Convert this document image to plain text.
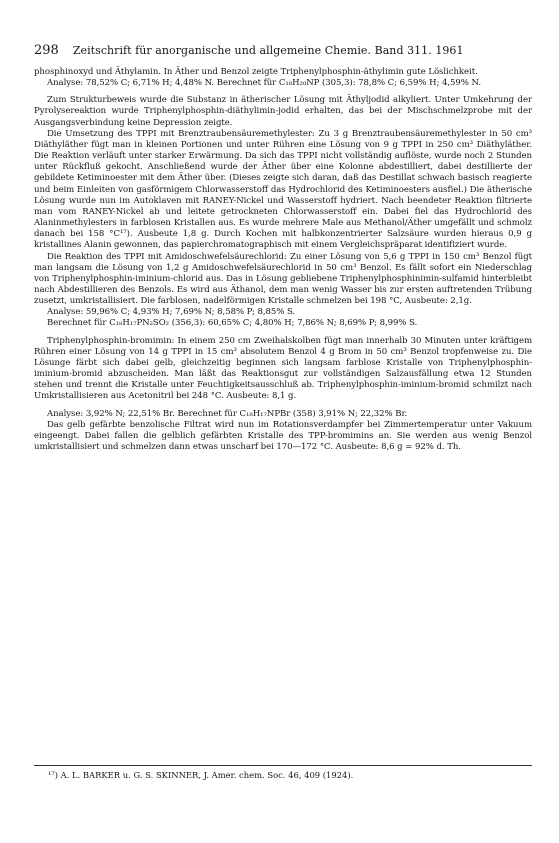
298 Zeitschrift für anorganische und allgemeine Chemie. Band 311. 1961

phosphinoxyd und Äthylamin. In Äther und Benzol zeigte Triphenylphosphin-äthylimin gute Löslichkeit.

Analyse: 78,52% C; 6,71% H; 4,48% N. Berechnet für C₁₈H₂₀NP (305,3): 78,8% C; 6,59% H; 4,59% N.

Zum Strukturbeweis wurde die Substanz in ätherischer Lösung mit Äthyljodid alkyliert. Unter Umkehrung der Pyrolysereaktion wurde Triphenylphosphin-diäthylimin-jodid erhalten, das bei der Mischschmelzprobe mit der Ausgangsverbindung keine Depression zeigte.

Die Umsetzung des TPPI mit Brenztraubensäuremethylester: Zu 3 g Brenztraubensäuremethylester in 50 cm³ Diäthyläther fügt man in kleinen Portionen und unter Rühren eine Lösung von 9 g TPPI in 250 cm³ Diäthyläther. Die Reaktion verläuft unter starker Erwärmung. Da sich das TPPI nicht vollständig auflöste, wurde noch 2 Stunden unter Rückfluß gekocht. Anschließend wurde der Äther über eine Kolonne abdestilliert, dabei destillierte der gebildete Ketiminoester mit dem Äther über. (Dieses zeigte sich daran, daß das Destillat schwach basisch reagierte und beim Einleiten von gasförmigem Chlorwasserstoff das Hydrochlorid des Ketiminoesters ausfiel.) Die ätherische Lösung wurde nun im Autoklaven mit RANEY-Nickel und Wasserstoff hydriert. Nach beendeter Reaktion filtrierte man vom RANEY-Nickel ab und leitete getrockneten Chlorwasserstoff ein. Dabei fiel das Hydrochlorid des Alaninmethylesters in farblosen Kristallen aus. Es wurde mehrere Male aus Methanol/Äther umgefällt und schmolz danach bei 158 °C¹⁷). Ausbeute 1,8 g. Durch Kochen mit halbkonzentrierter Salzsäure wurden hieraus 0,9 g kristallines Alanin gewonnen, das papierchromatographisch mit einem Vergleichspräparat identifiziert wurde.

Die Reaktion des TPPI mit Amidoschwefelsäurechlorid: Zu einer Lösung von 5,6 g TPPI in 150 cm³ Benzol fügt man langsam die Lösung von 1,2 g Amidoschwefelsäurechlorid in 50 cm³ Benzol. Es fällt sofort ein Niederschlag von Triphenylphosphin-iminium-chlorid aus. Das in Lösung gebliebene Triphenylphosphinimin-sulfamid hinterbleibt nach Abdestillieren des Benzols. Es wird aus Äthanol, dem man wenig Wasser bis zur ersten auftretenden Trübung zusetzt, umkristallisiert. Die farblosen, nadelförmigen Kristalle schmelzen bei 198 °C, Ausbeute: 2,1g.

Analyse: 59,96% C; 4,93% H; 7,69% N; 8,58% P; 8,85% S.

Berechnet für C₁₈H₁₇PN₂SO₂ (356,3): 60,65% C; 4,80% H; 7,86% N; 8,69% P; 8,99% S.

Triphenylphosphin-bromimin: In einem 250 cm Zweihalskolben fügt man innerhalb 30 Minuten unter kräftigem Rühren einer Lösung von 14 g TPPI in 15 cm³ absolutem Benzol 4 g Brom in 50 cm³ Benzol tropfenweise zu. Die Lösunge färbt sich dabei gelb, gleichzeitig beginnen sich langsam farblose Kristalle von Triphenylphosphin-iminium-bromid abzuscheiden. Man läßt das Reaktionsgut zur vollständigen Salzausfällung etwa 12 Stunden stehen und trennt die Kristalle unter Feuchtigkeitsausschluß ab. Triphenylphosphin-iminium-bromid schmilzt nach Umkristallisieren aus Acetonitril bei 248 °C. Ausbeute: 8,1 g.

Analyse: 3,92% N; 22,51% Br. Berechnet für C₁₈H₁₇NPBr (358) 3,91% N; 22,32% Br.

Das gelb gefärbte benzolische Filtrat wird nun im Rotationsverdampfer bei Zimmertemperatur unter Vakuum eingeengt. Dabei fallen die gelblich gefärbten Kristalle des TPP-bromimins an. Sie werden aus wenig Benzol umkristallisiert und schmelzen dann etwas unscharf bei 170—172 °C. Ausbeute: 8,6 g = 92% d. Th.

¹⁷) A. L. BARKER u. G. S. SKINNER, J. Amer. chem. Soc. 46, 409 (1924).
